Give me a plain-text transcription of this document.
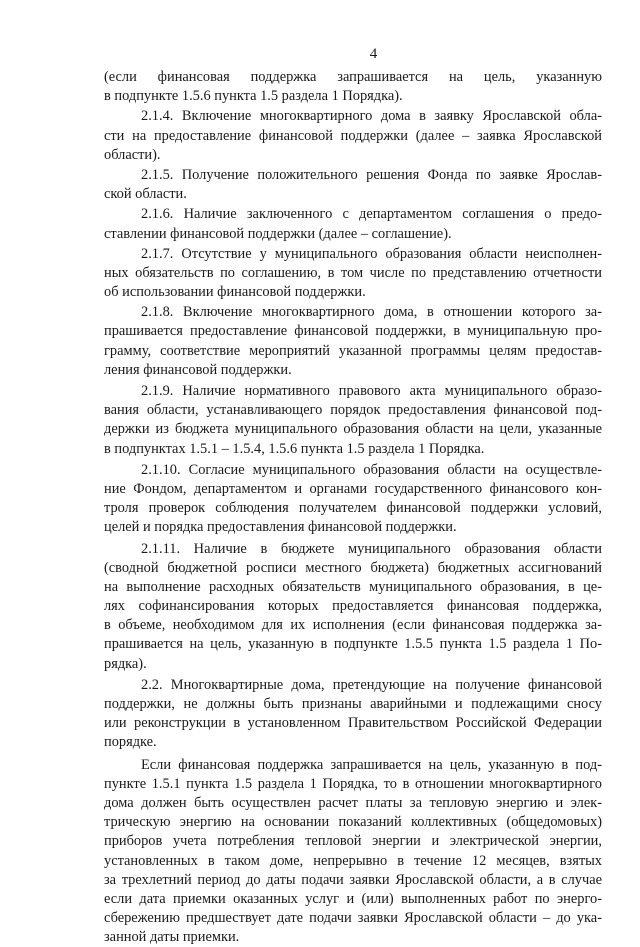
4
(если финансовая поддержка запрашивается на цель, указанную
в подпункте 1.5.6 пункта 1.5 раздела 1 Порядка).
2.1.4. Включение многоквартирного дома в заявку Ярославской обла-
сти на предоставление финансовой поддержки (далее – заявка Ярославской
области).
2.1.5. Получение положительного решения Фонда по заявке Ярослав-
ской области.
2.1.6. Наличие заключенного с департаментом соглашения о предо-
ставлении финансовой поддержки (далее – соглашение).
2.1.7. Отсутствие у муниципального образования области неисполнен-
ных обязательств по соглашению, в том числе по представлению отчетности
об использовании финансовой поддержки.
2.1.8. Включение многоквартирного дома, в отношении которого за-
прашивается предоставление финансовой поддержки, в муниципальную про-
грамму, соответствие мероприятий указанной программы целям предостав-
ления финансовой поддержки.
2.1.9. Наличие нормативного правового акта муниципального образо-
вания области, устанавливающего порядок предоставления финансовой под-
держки из бюджета муниципального образования области на цели, указанные
в подпунктах 1.5.1 – 1.5.4, 1.5.6 пункта 1.5 раздела 1 Порядка.
2.1.10. Согласие муниципального образования области на осуществле-
ние Фондом, департаментом и органами государственного финансового кон-
троля проверок соблюдения получателем финансовой поддержки условий,
целей и порядка предоставления финансовой поддержки.
2.1.11. Наличие в бюджете муниципального образования области
(сводной бюджетной росписи местного бюджета) бюджетных ассигнований
на выполнение расходных обязательств муниципального образования, в це-
лях софинансирования которых предоставляется финансовая поддержка,
в объеме, необходимом для их исполнения (если финансовая поддержка за-
прашивается на цель, указанную в подпункте 1.5.5 пункта 1.5 раздела 1 По-
рядка).
2.2. Многоквартирные дома, претендующие на получение финансовой
поддержки, не должны быть признаны аварийными и подлежащими сносу
или реконструкции в установленном Правительством Российской Федерации
порядке.
Если финансовая поддержка запрашивается на цель, указанную в под-
пункте 1.5.1 пункта 1.5 раздела 1 Порядка, то в отношении многоквартирного
дома должен быть осуществлен расчет платы за тепловую энергию и элек-
трическую энергию на основании показаний коллективных (общедомовых)
приборов учета потребления тепловой энергии и электрической энергии,
установленных в таком доме, непрерывно в течение 12 месяцев, взятых
за трехлетний период до даты подачи заявки Ярославской области, а в случае
если дата приемки оказанных услуг и (или) выполненных работ по энерго-
сбережению предшествует дате подачи заявки Ярославской области – до ука-
занной даты приемки.
